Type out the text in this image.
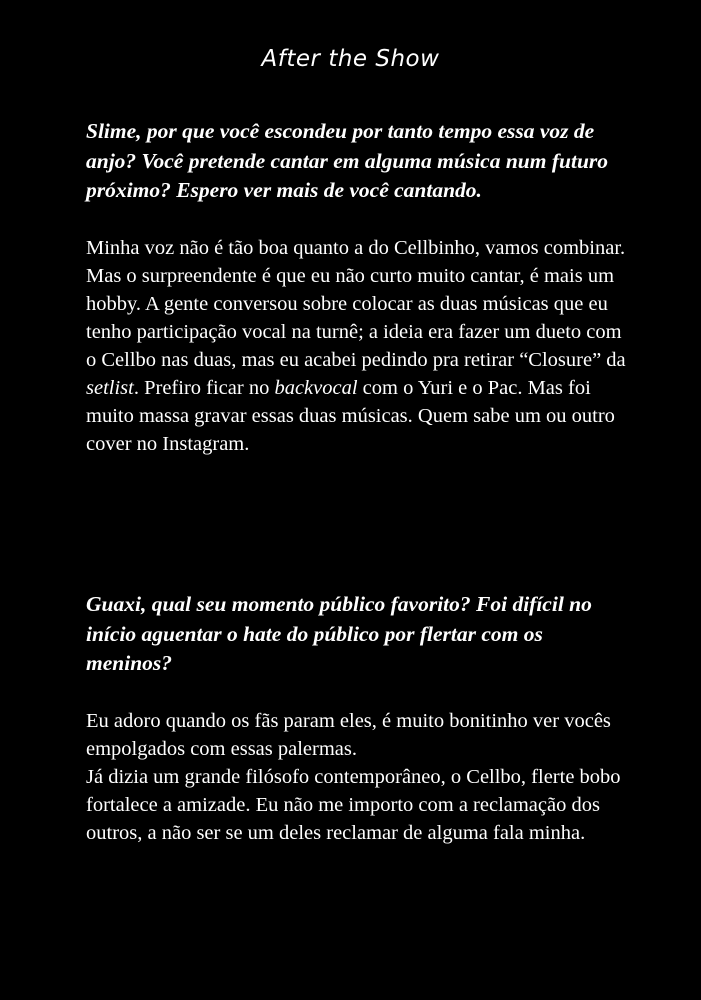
After the Show

Slime, por que você escondeu por tanto tempo essa voz de anjo? Você pretende cantar em alguma música num futuro próximo? Espero ver mais de você cantando.

Minha voz não é tão boa quanto a do Cellbinho, vamos combinar. Mas o surpreendente é que eu não curto muito cantar, é mais um hobby. A gente conversou sobre colocar as duas músicas que eu tenho participação vocal na turnê; a ideia era fazer um dueto com o Cellbo nas duas, mas eu acabei pedindo pra retirar “Closure” da setlist. Prefiro ficar no backvocal com o Yuri e o Pac. Mas foi muito massa gravar essas duas músicas. Quem sabe um ou outro cover no Instagram.

Guaxi, qual seu momento público favorito? Foi difícil no início aguentar o hate do público por flertar com os meninos?

Eu adoro quando os fãs param eles, é muito bonitinho ver vocês empolgados com essas palermas.
Já dizia um grande filósofo contemporâneo, o Cellbo, flerte bobo fortalece a amizade. Eu não me importo com a reclamação dos outros, a não ser se um deles reclamar de alguma fala minha.
